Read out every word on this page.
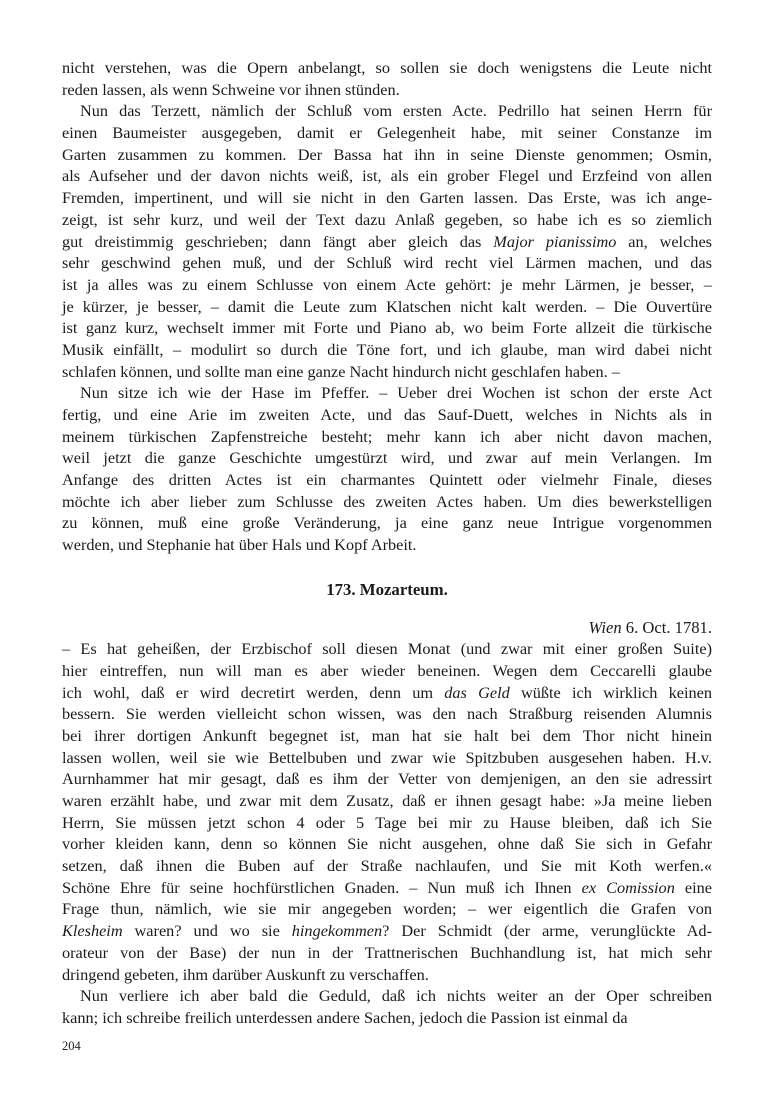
nicht verstehen, was die Opern anbelangt, so sollen sie doch wenigstens die Leute nicht
reden lassen, als wenn Schweine vor ihnen stünden.
Nun das Terzett, nämlich der Schluß vom ersten Acte. Pedrillo hat seinen Herrn für
einen Baumeister ausgegeben, damit er Gelegenheit habe, mit seiner Constanze im
Garten zusammen zu kommen. Der Bassa hat ihn in seine Dienste genommen; Osmin,
als Aufseher und der davon nichts weiß, ist, als ein grober Flegel und Erzfeind von allen
Fremden, impertinent, und will sie nicht in den Garten lassen. Das Erste, was ich ange-
zeigt, ist sehr kurz, und weil der Text dazu Anlaß gegeben, so habe ich es so ziemlich
gut dreistimmig geschrieben; dann fängt aber gleich das Major pianissimo an, welches
sehr geschwind gehen muß, und der Schluß wird recht viel Lärmen machen, und das
ist ja alles was zu einem Schlusse von einem Acte gehört: je mehr Lärmen, je besser, –
je kürzer, je besser, – damit die Leute zum Klatschen nicht kalt werden. – Die Ouvertüre
ist ganz kurz, wechselt immer mit Forte und Piano ab, wo beim Forte allzeit die türkische
Musik einfällt, – modulirt so durch die Töne fort, und ich glaube, man wird dabei nicht
schlafen können, und sollte man eine ganze Nacht hindurch nicht geschlafen haben. –
Nun sitze ich wie der Hase im Pfeffer. – Ueber drei Wochen ist schon der erste Act
fertig, und eine Arie im zweiten Acte, und das Sauf-Duett, welches in Nichts als in
meinem türkischen Zapfenstreiche besteht; mehr kann ich aber nicht davon machen,
weil jetzt die ganze Geschichte umgestürzt wird, und zwar auf mein Verlangen. Im
Anfange des dritten Actes ist ein charmantes Quintett oder vielmehr Finale, dieses
möchte ich aber lieber zum Schlusse des zweiten Actes haben. Um dies bewerkstelligen
zu können, muß eine große Veränderung, ja eine ganz neue Intrigue vorgenommen
werden, und Stephanie hat über Hals und Kopf Arbeit.
173. Mozarteum.
Wien 6. Oct. 1781.
– Es hat geheißen, der Erzbischof soll diesen Monat (und zwar mit einer großen Suite)
hier eintreffen, nun will man es aber wieder beneinen. Wegen dem Ceccarelli glaube
ich wohl, daß er wird decretirt werden, denn um das Geld wüßte ich wirklich keinen
bessern. Sie werden vielleicht schon wissen, was den nach Straßburg reisenden Alumnis
bei ihrer dortigen Ankunft begegnet ist, man hat sie halt bei dem Thor nicht hinein
lassen wollen, weil sie wie Bettelbuben und zwar wie Spitzbuben ausgesehen haben. H.v.
Aurnhammer hat mir gesagt, daß es ihm der Vetter von demjenigen, an den sie adressirt
waren erzählt habe, und zwar mit dem Zusatz, daß er ihnen gesagt habe: »Ja meine lieben
Herrn, Sie müssen jetzt schon 4 oder 5 Tage bei mir zu Hause bleiben, daß ich Sie
vorher kleiden kann, denn so können Sie nicht ausgehen, ohne daß Sie sich in Gefahr
setzen, daß ihnen die Buben auf der Straße nachlaufen, und Sie mit Koth werfen.«
Schöne Ehre für seine hochfürstlichen Gnaden. – Nun muß ich Ihnen ex Comission eine
Frage thun, nämlich, wie sie mir angegeben worden; – wer eigentlich die Grafen von
Klesheim waren? und wo sie hingekommen? Der Schmidt (der arme, verunglückte Ad-
orateur von der Base) der nun in der Trattnerischen Buchhandlung ist, hat mich sehr
dringend gebeten, ihm darüber Auskunft zu verschaffen.
Nun verliere ich aber bald die Geduld, daß ich nichts weiter an der Oper schreiben
kann; ich schreibe freilich unterdessen andere Sachen, jedoch die Passion ist einmal da
204
